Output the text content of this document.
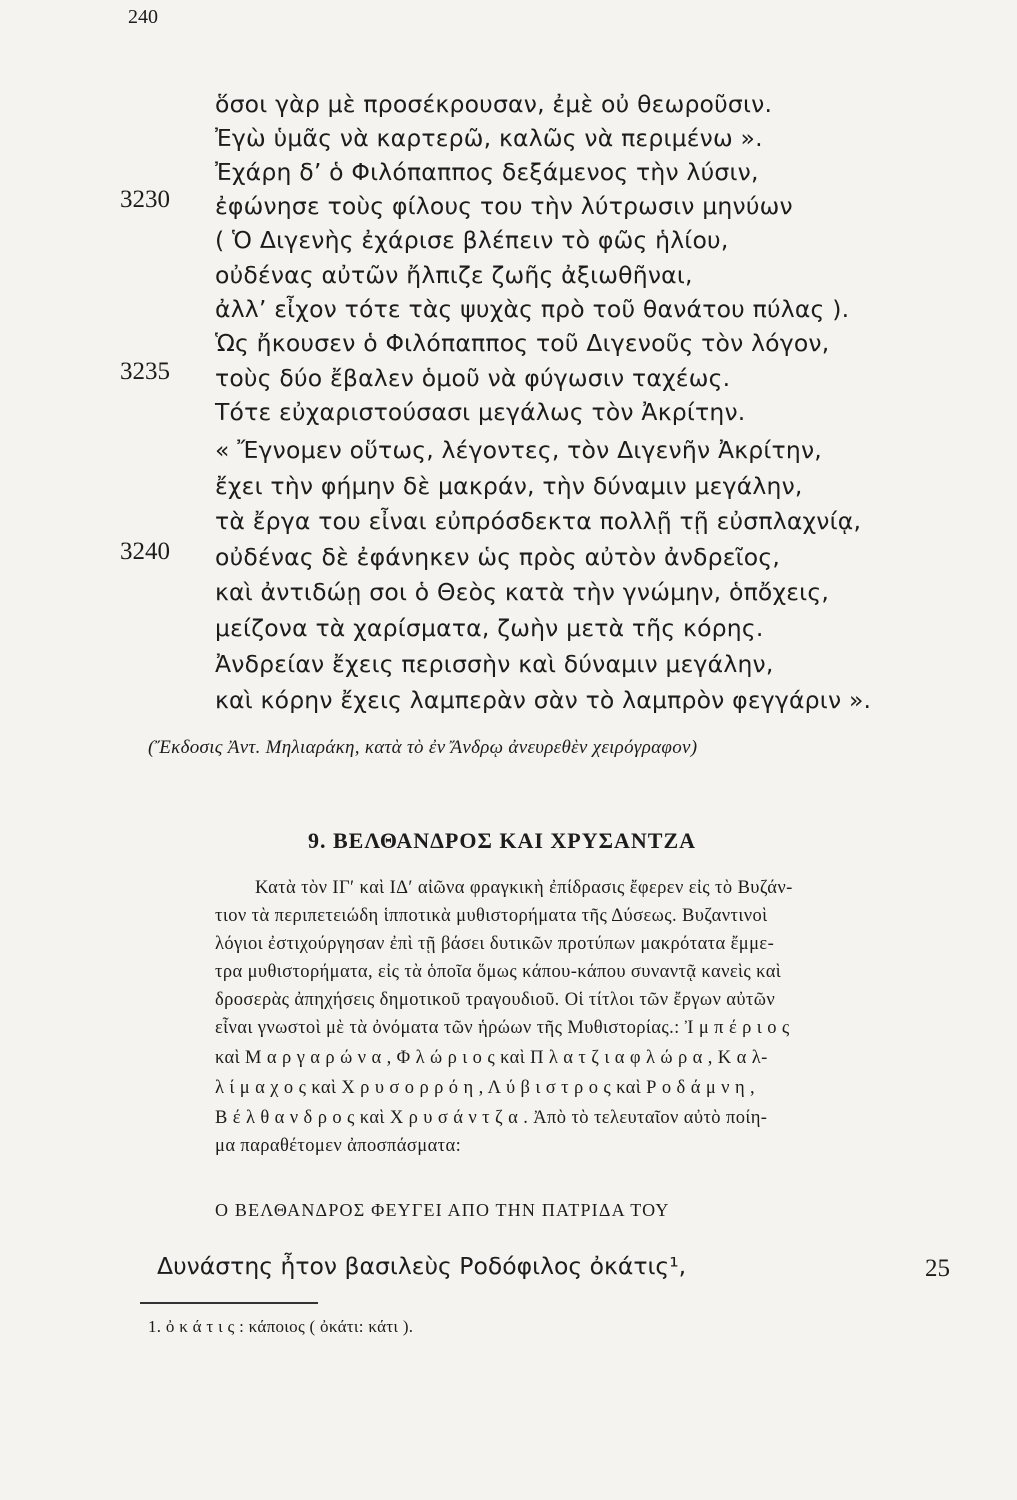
240
ὅσοι γὰρ μὲ προσέκρουσαν, ἐμὲ οὐ θεωροῦσιν.
Ἐγὼ ὑμᾶς νὰ καρτερῶ, καλῶς νὰ περιμένω ».
Ἐχάρη δ’ ὁ Φιλόπαππος δεξάμενος τὴν λύσιν,
ἐφώνησε τοὺς φίλους του τὴν λύτρωσιν μηνύων
( Ὁ Διγενὴς ἐχάρισε βλέπειν τὸ φῶς ἡλίου,
οὐδένας αὐτῶν ἤλπιζε ζωῆς ἀξιωθῆναι,
ἀλλ’ εἶχον τότε τὰς ψυχὰς πρὸ τοῦ θανάτου πύλας ).
Ὡς ἤκουσεν ὁ Φιλόπαππος τοῦ Διγενοῦς τὸν λόγον,
τοὺς δύο ἔβαλεν ὁμοῦ νὰ φύγωσιν ταχέως.
Τότε εὐχαριστούσασι μεγάλως τὸν Ἀκρίτην.
« Ἔγνομεν οὕτως, λέγοντες, τὸν Διγενῆν Ἀκρίτην,
ἔχει τὴν φήμην δὲ μακράν, τὴν δύναμιν μεγάλην,
τὰ ἔργα του εἶναι εὐπρόσδεκτα πολλῇ τῇ εὐσπλαχνίᾳ,
οὐδένας δὲ ἐφάνηκεν ὡς πρὸς αὐτὸν ἀνδρεῖος,
καὶ ἀντιδώῃ σοι ὁ Θεὸς κατὰ τὴν γνώμην, ὁπὄχεις,
μείζονα τὰ χαρίσματα, ζωὴν μετὰ τῆς κόρης.
Ἀνδρείαν ἔχεις περισσὴν καὶ δύναμιν μεγάλην,
καὶ κόρην ἔχεις λαμπερὰν σὰν τὸ λαμπρὸν φεγγάριν ».
3230
3235
3240
(Ἔκδοσις Ἀντ. Μηλιαράκη, κατὰ τὸ ἐν Ἄνδρῳ ἀνευρεθὲν χειρόγραφον)
9. ΒΕΛΘΑΝΔΡΟΣ ΚΑΙ ΧΡΥΣΑΝΤΖΑ
Κατὰ τὸν ΙΓ′ καὶ ΙΔ′ αἰῶνα φραγκικὴ ἐπίδρασις ἔφερεν εἰς τὸ Βυζάν-
τιον τὰ περιπετειώδη ἱπποτικὰ μυθιστορήματα τῆς Δύσεως. Βυζαντινοὶ
λόγιοι ἐστιχούργησαν ἐπὶ τῇ βάσει δυτικῶν προτύπων μακρότατα ἔμμε-
τρα μυθιστορήματα, εἰς τὰ ὁποῖα ὅμως κάπου-κάπου συναντᾷ κανεὶς καὶ
δροσερὰς ἀπηχήσεις δημοτικοῦ τραγουδιοῦ. Οἱ τίτλοι τῶν ἔργων αὐτῶν
εἶναι γνωστοὶ μὲ τὰ ὀνόματα τῶν ἡρώων τῆς Μυθιστορίας.: Ἰ μ π έ ρ ι ο ς
καὶ Μ α ρ γ α ρ ώ ν α , Φ λ ώ ρ ι ο ς καὶ Π λ α τ ζ ι α φ λ ώ ρ α , Κ α λ-
λ ί μ α χ ο ς καὶ Χ ρ υ σ ο ρ ρ ό η , Λ ύ β ι σ τ ρ ο ς καὶ Ρ ο δ ά μ ν η ,
Β έ λ θ α ν δ ρ ο ς καὶ Χ ρ υ σ ά ν τ ζ α . Ἀπὸ τὸ τελευταῖον αὐτὸ ποίη-
μα παραθέτομεν ἀποσπάσματα:
Ο ΒΕΛΘΑΝΔΡΟΣ ΦΕΥΓΕΙ ΑΠΟ ΤΗΝ ΠΑΤΡΙΔΑ ΤΟΥ
Δυνάστης ἦτον βασιλεὺς Ροδόφιλος ὀκάτις¹,	25
1. ὀ κ ά τ ι ς : κάποιος ( ὀκάτι: κάτι ).
